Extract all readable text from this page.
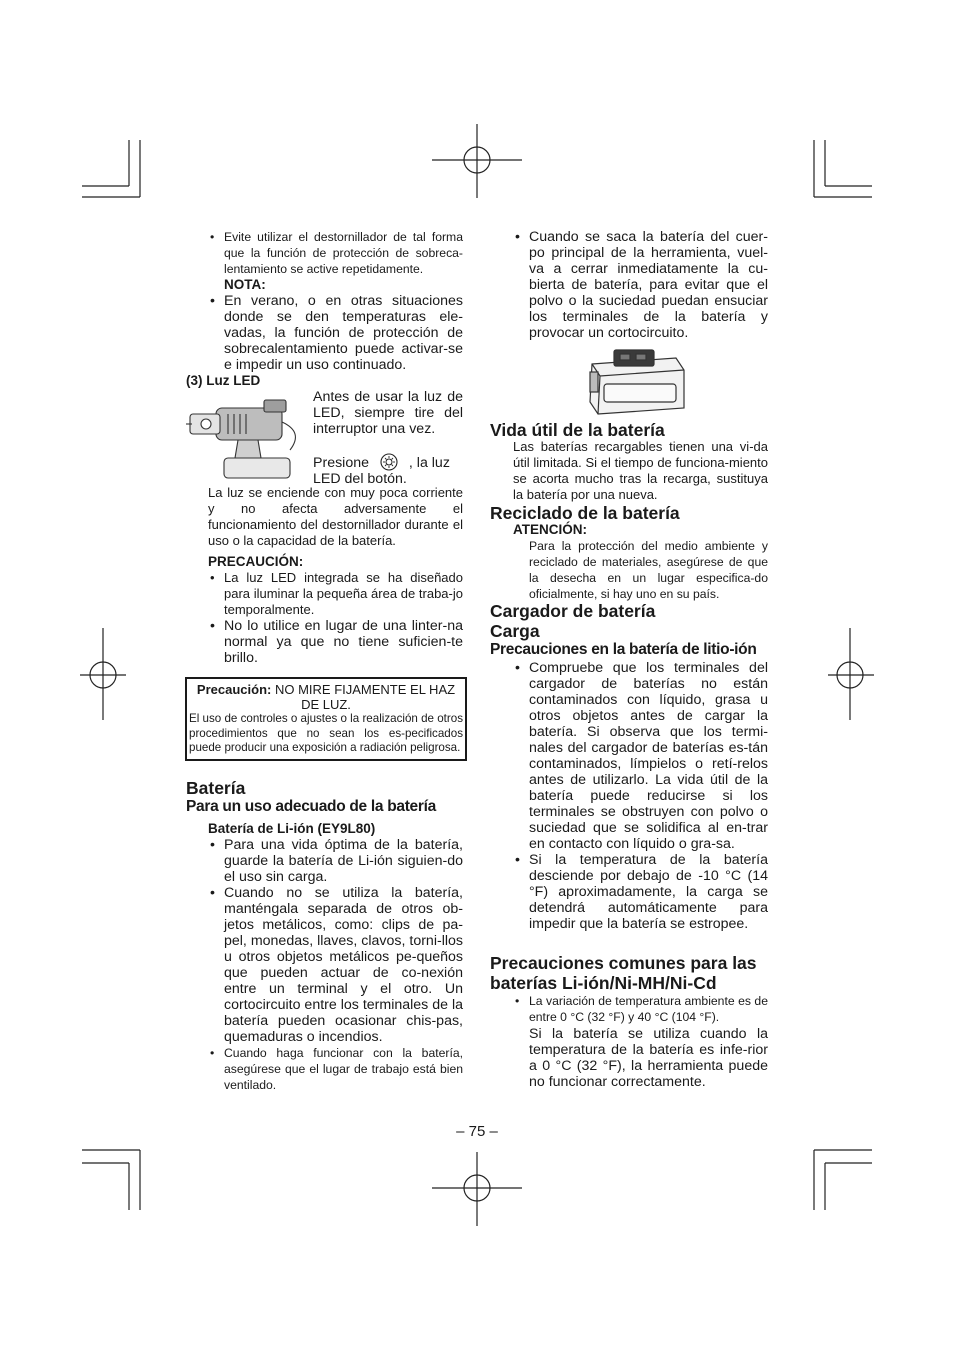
• Evite utilizar el destornillador de tal forma que la función de protección de sobreca-lentamiento se active repetidamente.
NOTA:
• En verano, o en otras situaciones donde se den temperaturas ele-vadas, la función de protección de sobrecalentamiento puede activar-se e impedir un uso continuado.
(3) Luz LED
Antes de usar la luz de LED, siempre tire del interruptor una vez.
Presione	, la luz LED del botón.
La luz se enciende con muy poca corriente y no afecta adversamente el funcionamiento del destornillador durante el uso o la capacidad de la batería.
PRECAUCIÓN:
• La luz LED integrada se ha diseñado para iluminar la pequeña área de traba-jo temporalmente.
• No lo utilice en lugar de una linter-na normal ya que no tiene suficien-te brillo.
Precaución: NO MIRE FIJAMENTE EL HAZ DE LUZ.
El uso de controles o ajustes o la realización de otros procedimientos que no sean los es-pecificados puede producir una exposición a radiación peligrosa.
Batería
Para un uso adecuado de la batería
Batería de Li-ión (EY9L80)
• Para una vida óptima de la batería, guarde la batería de Li-ión siguien-do el uso sin carga.
• Cuando no se utiliza la batería, manténgala separada de otros ob-jetos metálicos, como: clips de pa-pel, monedas, llaves, clavos, torni-llos u otros objetos metálicos pe-queños que pueden actuar de co-nexión entre un terminal y el otro. Un cortocircuito entre los terminales de la batería pueden ocasionar chis-pas, quemaduras o incendios.
• Cuando haga funcionar con la batería, asegúrese que el lugar de trabajo está bien ventilado.
• Cuando se saca la batería del cuer-po principal de la herramienta, vuel-va a cerrar inmediatamente la cu-bierta de batería, para evitar que el polvo o la suciedad puedan ensuciar los terminales de la batería y provocar un cortocircuito.
Vida útil de la batería
Las baterías recargables tienen una vi-da útil limitada. Si el tiempo de funciona-miento se acorta mucho tras la recarga, sustituya la batería por una nueva.
Reciclado de la batería
ATENCIÓN:
Para la protección del medio ambiente y reciclado de materiales, asegúrese de que la desecha en un lugar especifica-do oficialmente, si hay uno en su país.
Cargador de batería
Carga
Precauciones en la batería de litio-ión
• Compruebe que los terminales del cargador de baterías no están contaminados con líquido, grasa u otros objetos antes de cargar la batería. Si observa que los termi-nales del cargador de baterías es-tán contaminados, límpielos o retí-relos antes de utilizarlo. La vida útil de la batería puede reducirse si los terminales se obstruyen con polvo o suciedad que se solidifica al en-trar en contacto con líquido o gra-sa.
• Si la temperatura de la batería desciende por debajo de -10 °C (14 °F) aproximadamente, la carga se detendrá automáticamente para impedir que la batería se estropee.
Precauciones comunes para las baterías Li-ión/Ni-MH/Ni-Cd
• La variación de temperatura ambiente es de entre 0 °C (32 °F) y 40 °C (104 °F).
Si la batería se utiliza cuando la temperatura de la batería es infe-rior a 0 °C (32 °F), la herramienta puede no funcionar correctamente.
– 75 –
